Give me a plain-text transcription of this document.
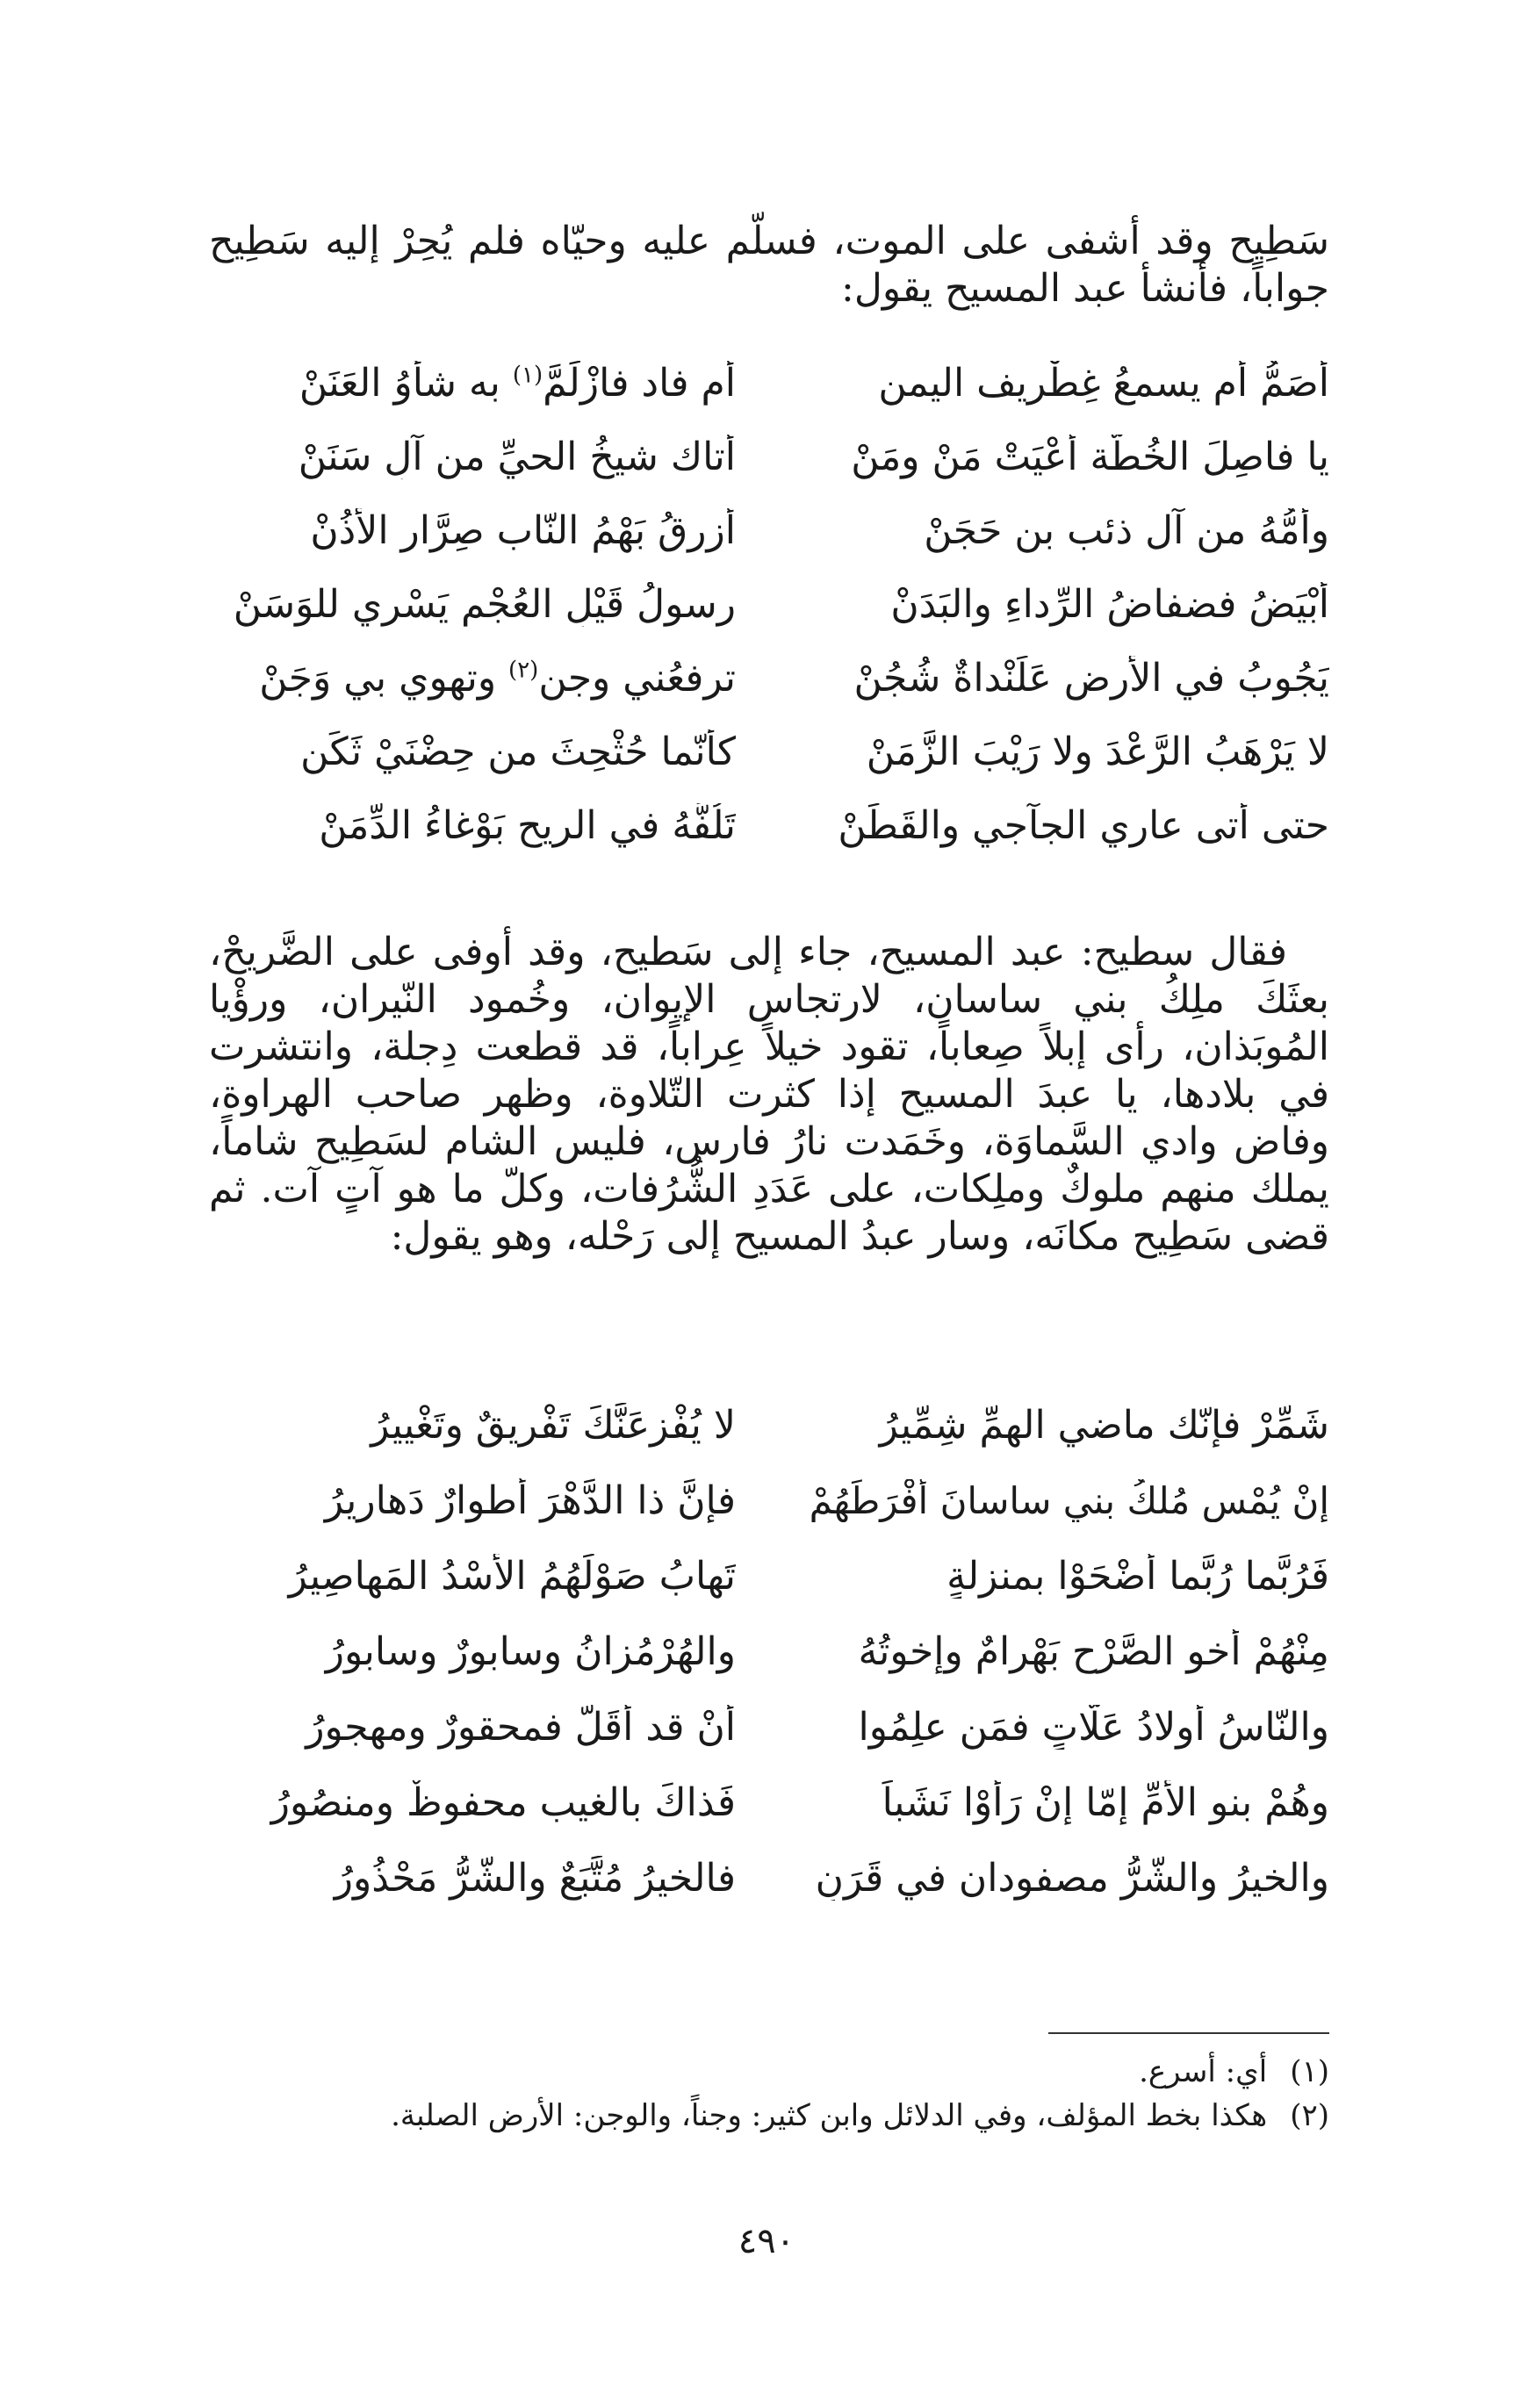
سَطِيح وقد أشفى على الموت، فسلّم عليه وحيّاه فلم يُحِرْ إليه سَطِيح جواباً، فأنشأ عبد المسيح يقول:

أصَمُّ أم يسمعُ غِطْرِيف اليمن
أم فاد فازْلَمَّ$^{(١)}$ به شأوُ العَنَنْ
يا فاصِلَ الخُطّة أَعْيَتْ مَنْ ومَنْ
أتاك شيخُ الحيِّ من آلِ سَنَنْ
وأُمُّهُ من آل ذئب بنِ حَجَنْ
أزرقُ بَهْمُ النّاب صِرَّار الأُذُنْ
أَبْيَضُ فضفاضُ الرِّداءِ والبَدَنْ
رسولُ قَيْلِ العُجْم يَسْرِي للوَسَنْ
يَجُوبُ في الأرضِ عَلَنْداةٌ شُجُنْ
ترفعُني وجن$^{(٢)}$ وتهوي بي وَجَنْ
لا يَرْهَبُ الرَّعْدَ ولا رَيْبَ الزَّمَنْ
كأنّما حُثْحِثَ من حِضْنَيْ ثَكَن
حتى أتى عاري الجآجي والقَطَنْ
تَلُفُّهُ في الريح بَوْغاءُ الدِّمَنْ

فقال سطيح: عبد المسيح، جاء إلى سَطيح، وقد أوفى على الضَّريحْ، بعثَكَ ملِكُ بني ساسان، لارتجاس الإيوان، وخُمود النّيران، ورؤْيا المُوبَذان، رأى إبلاً صِعاباً، تقود خيلاً عِراباً، قد قطعت دِجلة، وانتشرت في بلادها، يا عبدَ المسيح إذا كثرت التّلاوة، وظهر صاحب الهراوة، وفاض وادي السَّماوَة، وخَمَدت نارُ فارس، فليس الشام لسَطِيح شاماً، يملك منهم ملوكٌ وملِكات، على عَدَدِ الشُّرُفات، وكلّ ما هو آتٍ آت. ثم قضى سَطِيح مكانَه، وسار عبدُ المسيح إلى رَحْله، وهو يقول:

شَمِّرْ فإنّك ماضي الهمِّ شِمِّيرُ
لا يُفْزِعَنَّكَ تَفْريقٌ وتَغْييرُ
إنْ يُمْسِ مُلكُ بني ساسانَ أَفْرَطَهُمْ
فإنَّ ذا الدَّهْرَ أطوارٌ دَهاريرُ
فَرُبَّما رُبَّما أَضْحَوْا بمنزلةٍ
تَهابُ صَوْلَهُمُ الأُسْدُ المَهاصِيرُ
مِنْهُمْ أخو الصَّرْحِ بَهْرامٌ وإخوتُهُ
والهُرْمُزانُ وسابورٌ وسابورُ
والنّاسُ أولادُ عَلّاتٍ فمَن علِمُوا
أنْ قد أقَلَّ فمحقورٌ ومهجورُ
وهُمْ بنو الأمِّ إمّا إنْ رَأَوْا نَشَباً
فَذاكَ بالغيب محفوظٌ ومنصُورُ
والخيرُ والشَّرُّ مصفودان في قَرَنٍ
فالخيرُ مُتَّبَعٌ والشَّرُّ مَحْذُورُ
(١)
أي: أسرع.
(٢)
هكذا بخط المؤلف، وفي الدلائل وابن كثير: وجناً، والوجن: الأرض الصلبة.
٤٩٠
